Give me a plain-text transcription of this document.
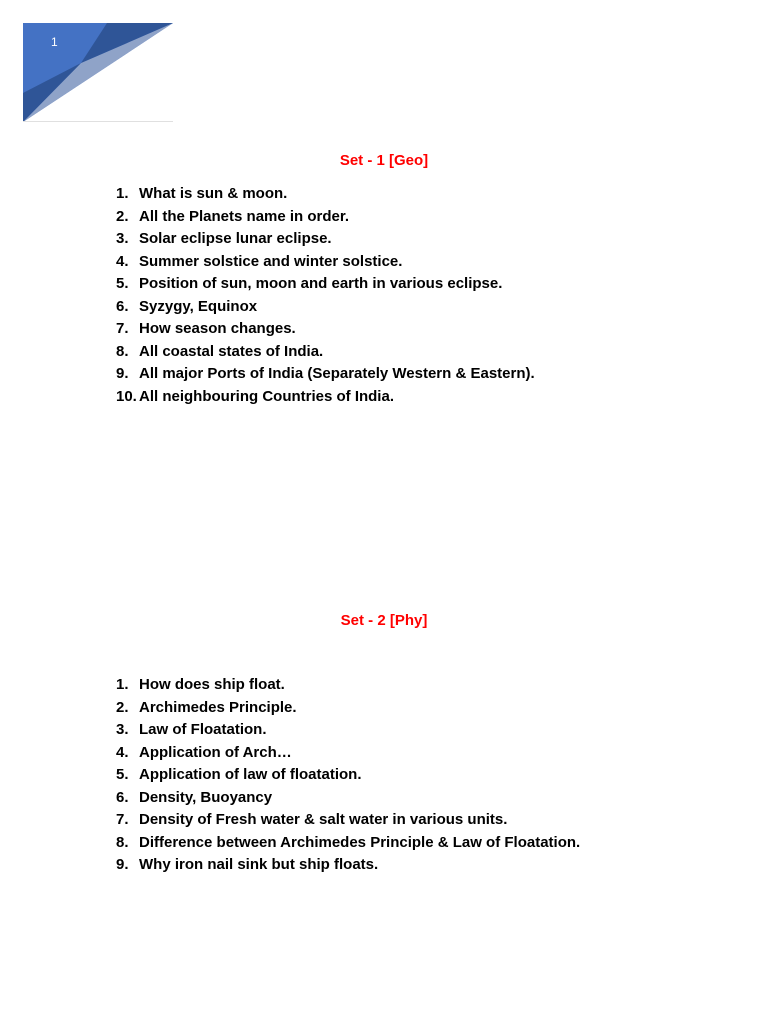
1
Set - 1 [Geo]
1. What is sun & moon.
2. All the Planets name in order.
3. Solar eclipse lunar eclipse.
4. Summer solstice and winter solstice.
5. Position of sun, moon and earth in various eclipse.
6. Syzygy, Equinox
7. How season changes.
8. All coastal states of India.
9. All major Ports of India (Separately Western & Eastern).
10. All neighbouring Countries of India.
Set - 2 [Phy]
1. How does ship float.
2. Archimedes Principle.
3. Law of Floatation.
4. Application of Arch…
5. Application of law of floatation.
6. Density, Buoyancy
7. Density of Fresh water & salt water in various units.
8. Difference between Archimedes Principle & Law of Floatation.
9. Why iron nail sink but ship floats.
